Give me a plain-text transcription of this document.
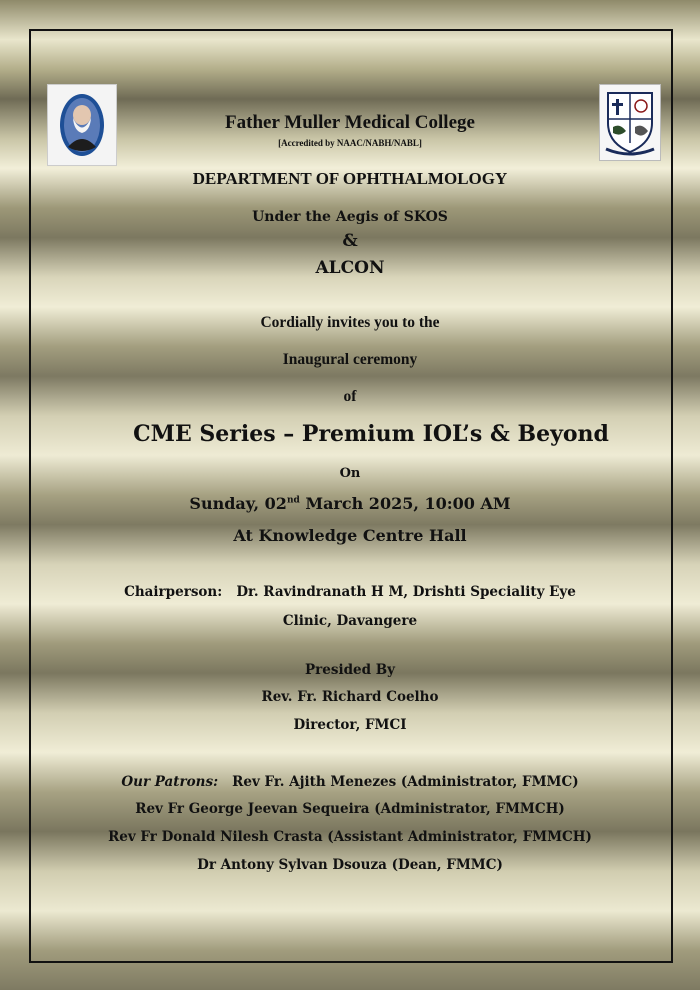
Father Muller Medical College
[Accredited by NAAC/NABH/NABL]
DEPARTMENT OF OPHTHALMOLOGY
Under the Aegis of SKOS
&
ALCON
Cordially invites you to the
Inaugural ceremony
of
CME Series – Premium IOL’s & Beyond
On
Sunday, 02nd March 2025, 10:00 AM
At Knowledge Centre Hall
Chairperson: Dr. Ravindranath H M, Drishti Speciality Eye Clinic, Davangere
Presided By
Rev. Fr. Richard Coelho
Director, FMCI
Our Patrons: Rev Fr. Ajith Menezes (Administrator, FMMC)
Rev Fr George Jeevan Sequeira (Administrator, FMMCH)
Rev Fr Donald Nilesh Crasta (Assistant Administrator, FMMCH)
Dr Antony Sylvan Dsouza (Dean, FMMC)
